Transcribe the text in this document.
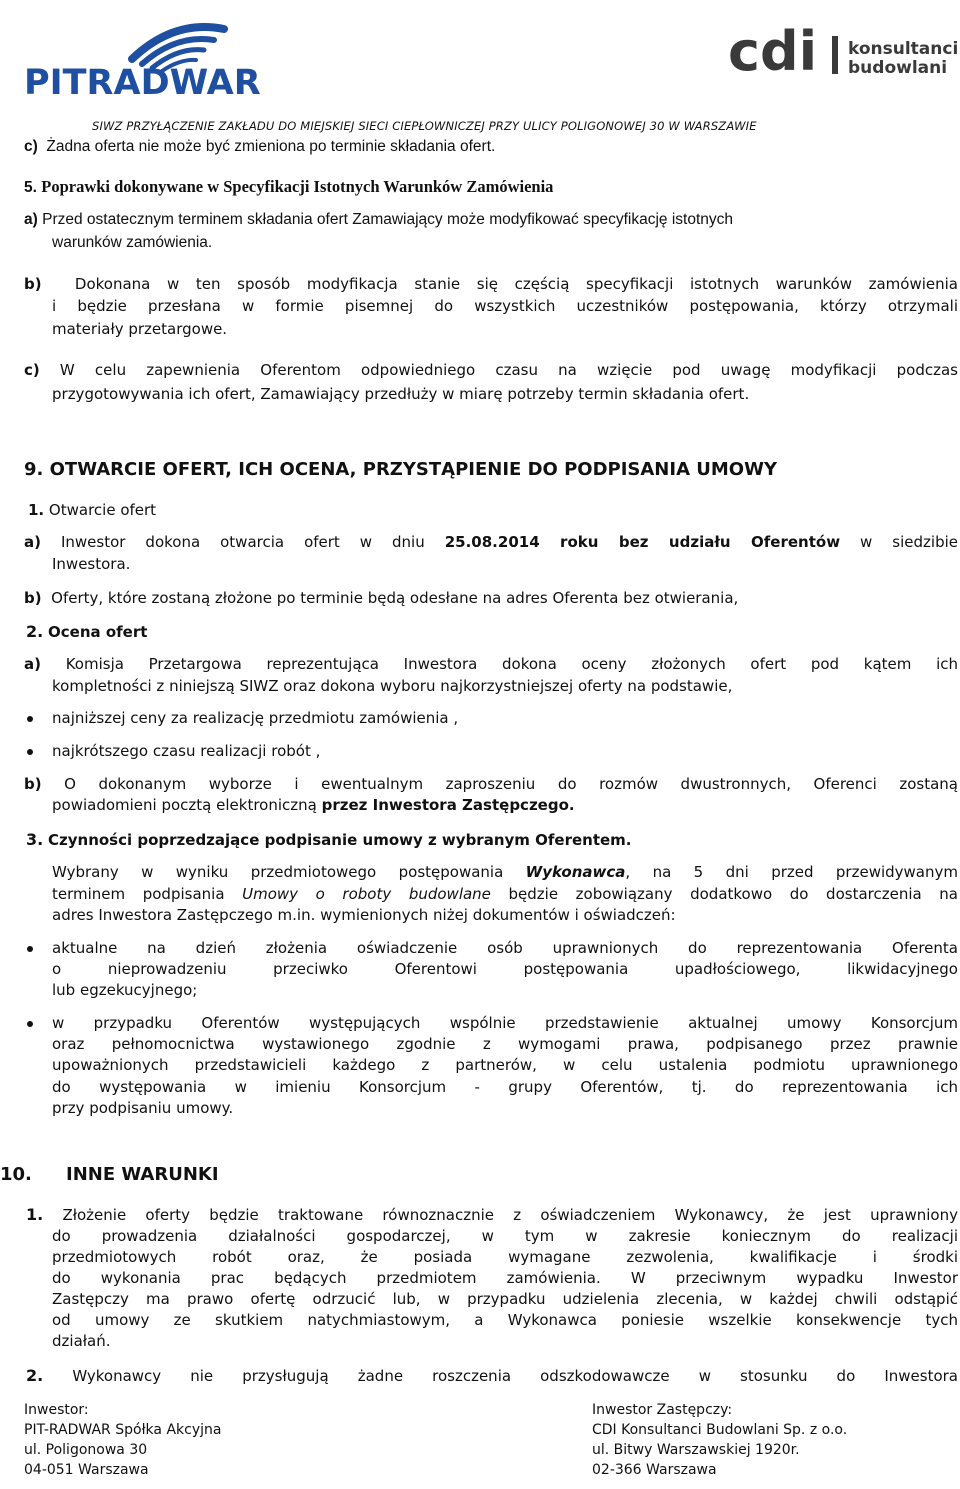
PITRADWAR	cdi konsultanci
budowlani
SIWZ PRZYŁĄCZENIE ZAKŁADU DO MIEJSKIEJ SIECI CIEPŁOWNICZEJ PRZY ULICY POLIGONOWEJ 30 W WARSZAWIE
c) Żadna oferta nie może być zmieniona po terminie składania ofert.
5. Poprawki dokonywane w Specyfikacji Istotnych Warunków Zamówienia
a) Przed ostatecznym terminem składania ofert Zamawiający może modyfikować specyfikację istotnych
warunków zamówienia.
b) Dokonana w ten sposób modyfikacja stanie się częścią specyfikacji istotnych warunków zamówienia
i będzie przesłana w formie pisemnej do wszystkich uczestników postępowania, którzy otrzymali
materiały przetargowe.
c) W celu zapewnienia Oferentom odpowiedniego czasu na wzięcie pod uwagę modyfikacji podczas
przygotowywania ich ofert, Zamawiający przedłuży w miarę potrzeby termin składania ofert.
9. OTWARCIE OFERT, ICH OCENA, PRZYSTĄPIENIE DO PODPISANIA UMOWY
1. Otwarcie ofert
a) Inwestor dokona otwarcia ofert w dniu 25.08.2014 roku bez udziału Oferentów w siedzibie
Inwestora.
b) Oferty, które zostaną złożone po terminie będą odesłane na adres Oferenta bez otwierania,
2. Ocena ofert
a) Komisja Przetargowa reprezentująca Inwestora dokona oceny złożonych ofert pod kątem ich
kompletności z niniejszą SIWZ oraz dokona wyboru najkorzystniejszej oferty na podstawie,
najniższej ceny za realizację przedmiotu zamówienia ,
najkrótszego czasu realizacji robót ,
b) O dokonanym wyborze i ewentualnym zaproszeniu do rozmów dwustronnych, Oferenci zostaną
powiadomieni pocztą elektroniczną przez Inwestora Zastępczego.
3. Czynności poprzedzające podpisanie umowy z wybranym Oferentem.
Wybrany w wyniku przedmiotowego postępowania Wykonawca, na 5 dni przed przewidywanym
terminem podpisania Umowy o roboty budowlane będzie zobowiązany dodatkowo do dostarczenia na
adres Inwestora Zastępczego m.in. wymienionych niżej dokumentów i oświadczeń:
aktualne na dzień złożenia oświadczenie osób uprawnionych do reprezentowania Oferenta
o nieprowadzeniu przeciwko Oferentowi postępowania upadłościowego, likwidacyjnego
lub egzekucyjnego;
w przypadku Oferentów występujących wspólnie przedstawienie aktualnej umowy Konsorcjum
oraz pełnomocnictwa wystawionego zgodnie z wymogami prawa, podpisanego przez prawnie
upoważnionych przedstawicieli każdego z partnerów, w celu ustalenia podmiotu uprawnionego
do występowania w imieniu Konsorcjum - grupy Oferentów, tj. do reprezentowania ich
przy podpisaniu umowy.
10. INNE WARUNKI
1. Złożenie oferty będzie traktowane równoznacznie z oświadczeniem Wykonawcy, że jest uprawniony
do prowadzenia działalności gospodarczej, w tym w zakresie koniecznym do realizacji
przedmiotowych robót oraz, że posiada wymagane zezwolenia, kwalifikacje i środki
do wykonania prac będących przedmiotem zamówienia. W przeciwnym wypadku Inwestor
Zastępczy ma prawo ofertę odrzucić lub, w przypadku udzielenia zlecenia, w każdej chwili odstąpić
od umowy ze skutkiem natychmiastowym, a Wykonawca poniesie wszelkie konsekwencje tych
działań.
2. Wykonawcy nie przysługują żadne roszczenia odszkodowawcze w stosunku do Inwestora
Inwestor:
PIT-RADWAR Spółka Akcyjna
ul. Poligonowa 30
04-051 Warszawa
Inwestor Zastępczy:
CDI Konsultanci Budowlani Sp. z o.o.
ul. Bitwy Warszawskiej 1920r.
02-366 Warszawa
